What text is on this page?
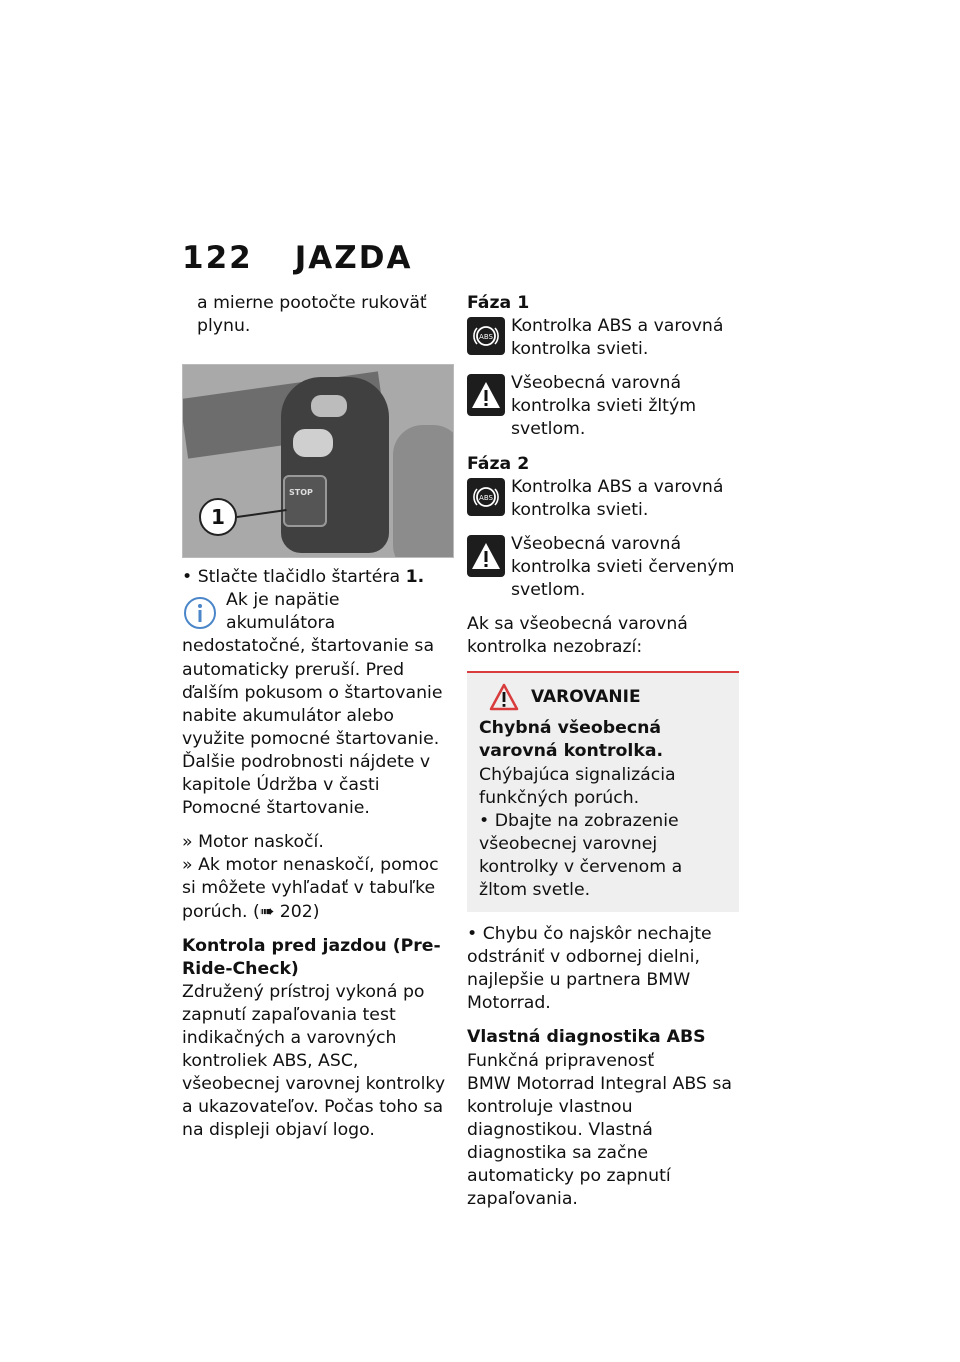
122 JAZDA

a mierne pootočte rukoväť plynu.

STOP
1

• Stlačte tlačidlo štartéra 1.

Ak je napätie akumulátora nedostatočné, štartovanie sa automaticky preruší. Pred ďalším pokusom o štartovanie nabite akumulátor alebo využite pomocné štartovanie.

Ďalšie podrobnosti nájdete v kapitole Údržba v časti Pomocné štartovanie.

» Motor naskočí.

» Ak motor nenaskočí, pomoc si môžete vyhľadať v tabuľke porúch. (➠ 202)

Kontrola pred jazdou (Pre-Ride-Check)

Združený prístroj vykoná po zapnutí zapaľovania test indikačných a varovných kontroliek ABS, ASC, všeobecnej varovnej kontrolky a ukazovateľov. Počas toho sa na displeji objaví logo.

Fáza 1

ABS

Kontrolka ABS a varovná kontrolka svieti.

Všeobecná varovná kontrolka svieti žltým svetlom.

Fáza 2

ABS

Kontrolka ABS a varovná kontrolka svieti.

Všeobecná varovná kontrolka svieti červeným svetlom.

Ak sa všeobecná varovná kontrolka nezobrazí:

VAROVANIE

Chybná všeobecná varovná kontrolka.

Chýbajúca signalizácia funkčných porúch.

• Dbajte na zobrazenie všeobecnej varovnej kontrolky v červenom a žltom svetle.

• Chybu čo najskôr nechajte odstrániť v odbornej dielni, najlepšie u partnera BMW Motorrad.

Vlastná diagnostika ABS

Funkčná pripravenosť

BMW Motorrad Integral ABS sa kontroluje vlastnou diagnostikou. Vlastná diagnostika sa začne automaticky po zapnutí zapaľovania.
